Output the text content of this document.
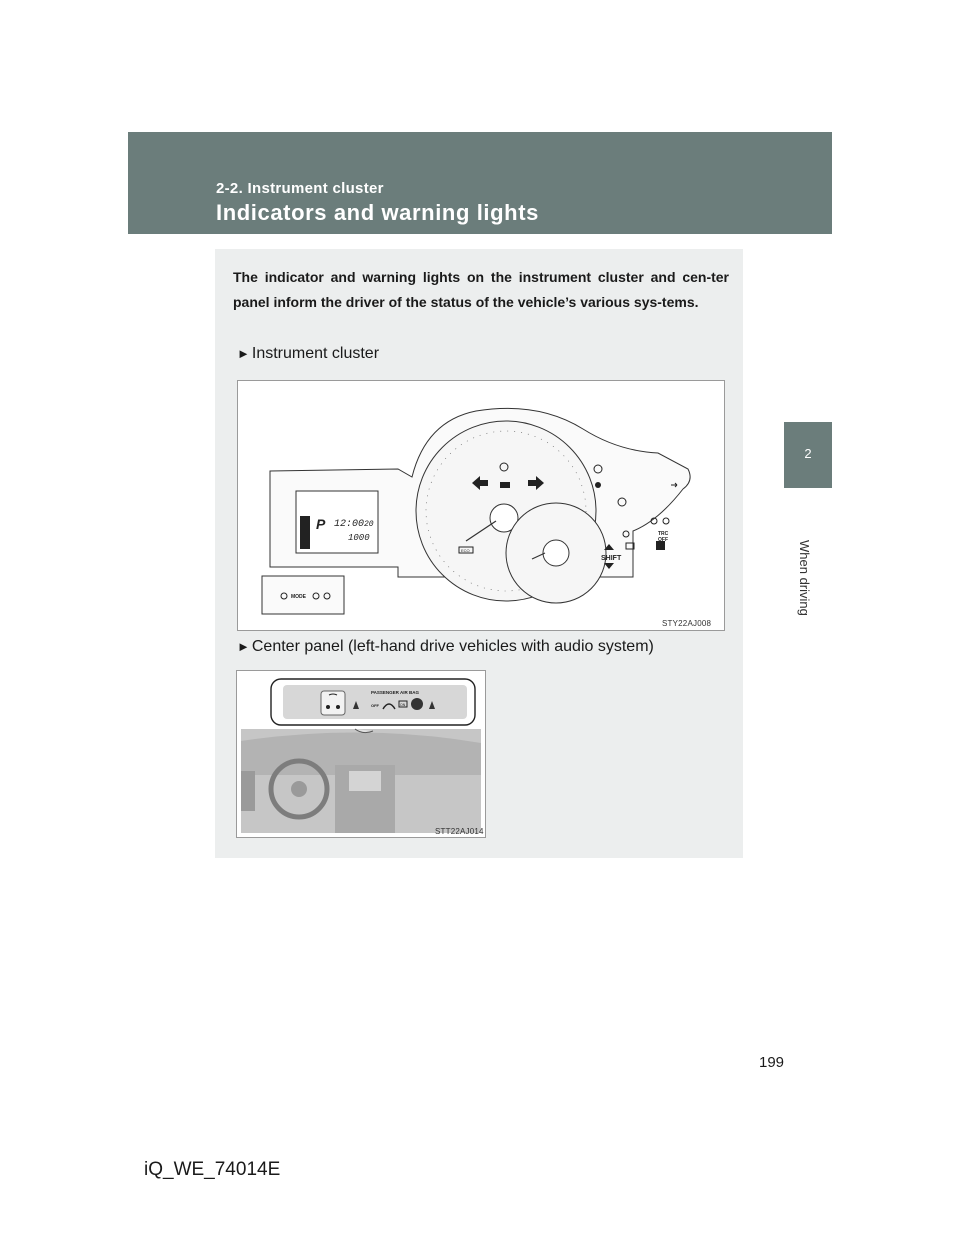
2-2. Instrument cluster
Indicators and warning lights
2
When driving
The indicator and warning lights on the instrument cluster and cen-ter panel inform the driver of the status of the vehicle’s various sys-tems.
► Instrument cluster
SHIFT
TRC
OFF
ECO
P 12:00 20
1000
MODE
STY22AJ008
► Center panel (left-hand drive vehicles with audio system)
PASSENGER AIR BAG
OFF	ON
STT22AJ014
199
iQ_WE_74014E
